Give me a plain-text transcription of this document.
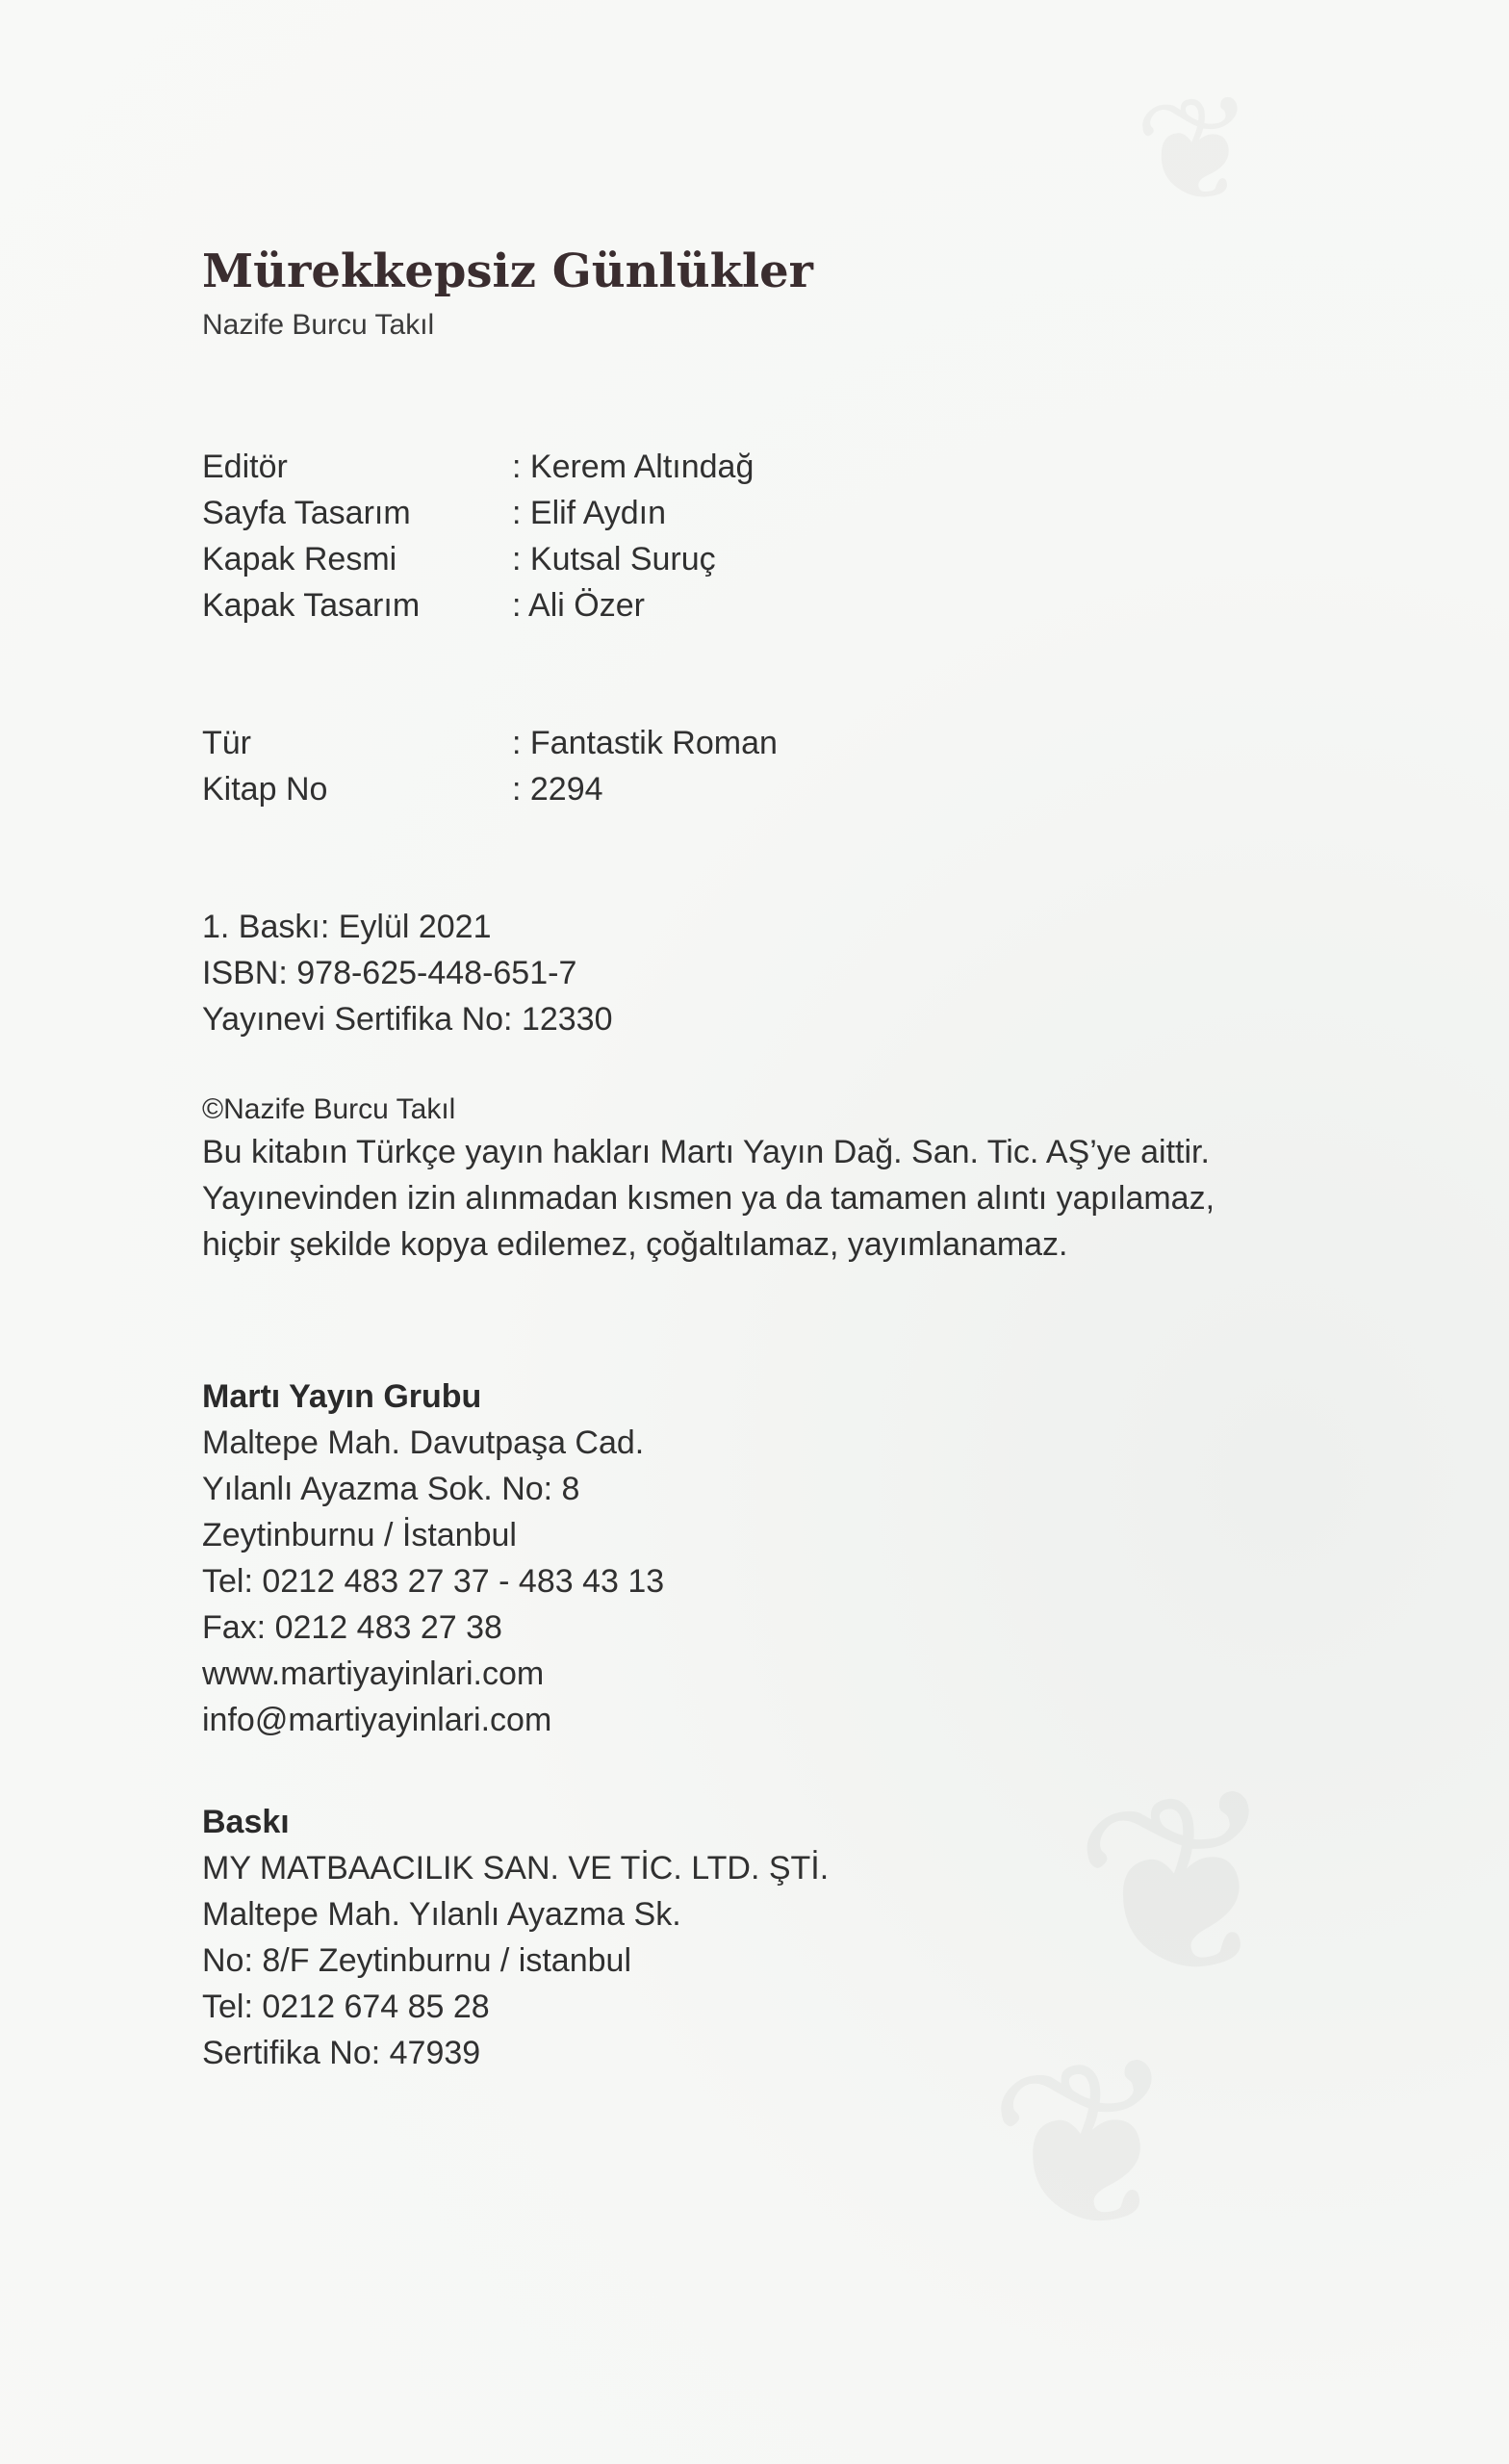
Mürekkepsiz Günlükler
Nazife Burcu Takıl
Editör	: Kerem Altındağ
Sayfa Tasarım	: Elif Aydın
Kapak Resmi	: Kutsal Suruç
Kapak Tasarım	: Ali Özer
Tür	: Fantastik Roman
Kitap No	: 2294
1. Baskı: Eylül 2021
ISBN: 978-625-448-651-7
Yayınevi Sertifika No: 12330
©Nazife Burcu Takıl
Bu kitabın Türkçe yayın hakları Martı Yayın Dağ. San. Tic. AŞ’ye aittir.
Yayınevinden izin alınmadan kısmen ya da tamamen alıntı yapılamaz,
hiçbir şekilde kopya edilemez, çoğaltılamaz, yayımlanamaz.
Martı Yayın Grubu
Maltepe Mah. Davutpaşa Cad.
Yılanlı Ayazma Sok. No: 8
Zeytinburnu / İstanbul
Tel: 0212 483 27 37 - 483 43 13
Fax: 0212 483 27 38
www.martiyayinlari.com
info@martiyayinlari.com
Baskı
MY MATBAACILIK SAN. VE TİC. LTD. ŞTİ.
Maltepe Mah. Yılanlı Ayazma Sk.
No: 8/F Zeytinburnu / istanbul
Tel: 0212 674 85 28
Sertifika No: 47939
